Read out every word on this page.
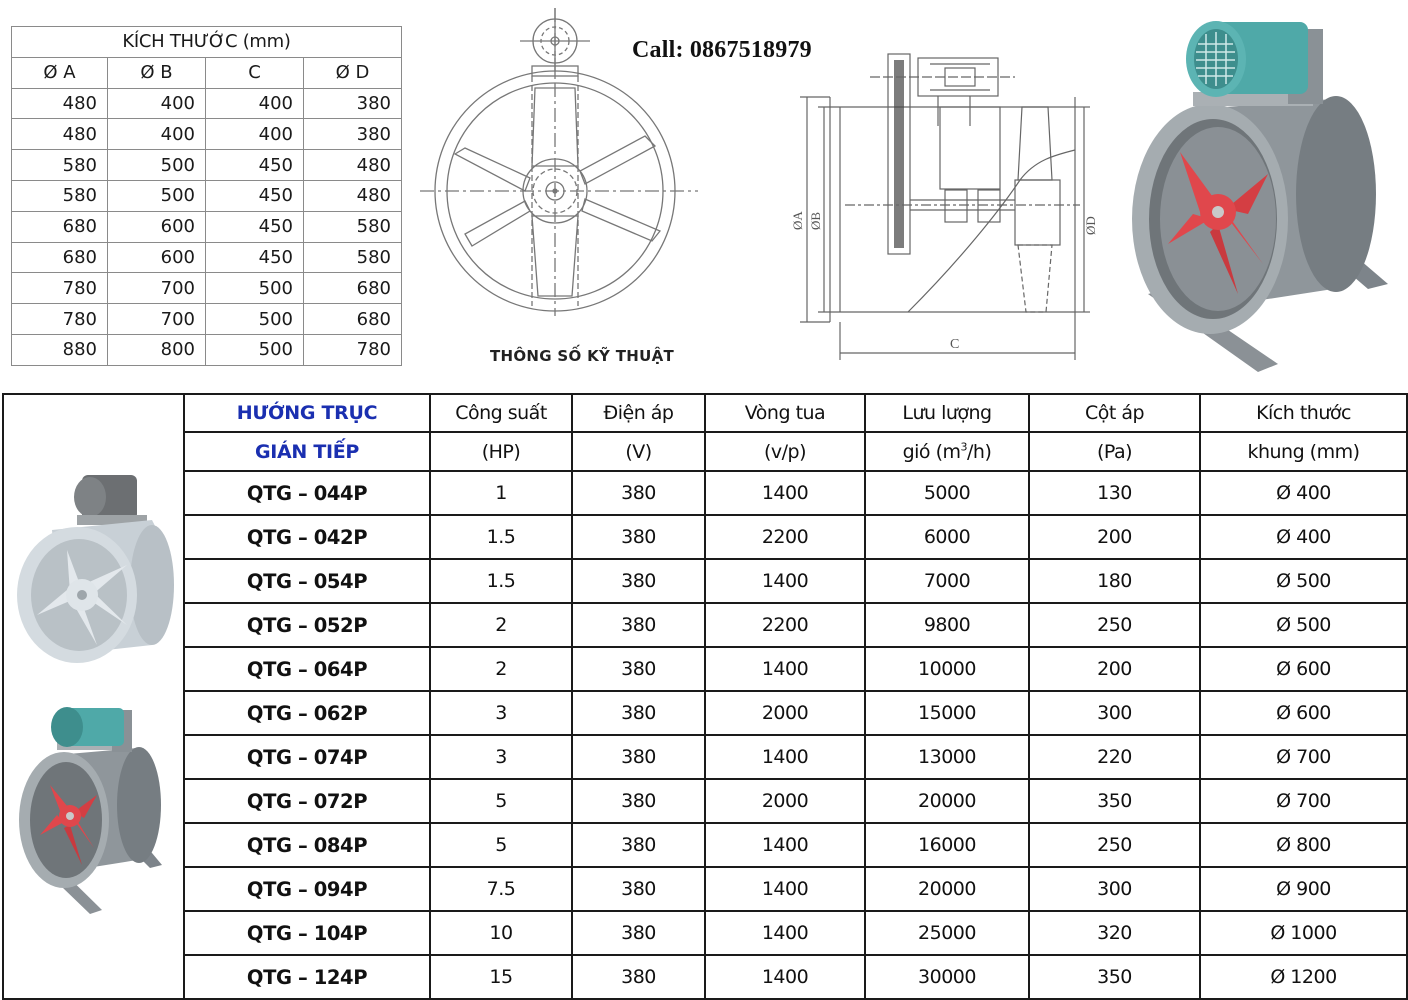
KÍCH THƯỚC (mm)			
Ø A	Ø B	C	Ø D
480	400	400	380
480	400	400	380
580	500	450	480
580	500	450	480
680	600	450	580
680	600	450	580
780	700	500	680
780	700	500	680
880	800	500	780
Call: 0867518979
THÔNG SỐ KỸ THUẬT
ØA ØB	ØD
C
	HƯỚNG TRỤC	Công suất	Điện áp	Vòng tua	Lưu lượng	Cột áp	Kích thước
	GIÁN TIẾP	(HP)	(V)	(v/p)	gió $(m^3/h)$	(Pa)	khung (mm)
	QTG – 044P	1	380	1400	5000	130	Ø 400
	QTG – 042P	1.5	380	2200	6000	200	Ø 400
	QTG – 054P	1.5	380	1400	7000	180	Ø 500
	QTG – 052P	2	380	2200	9800	250	Ø 500
	QTG – 064P	2	380	1400	10000	200	Ø 600
	QTG – 062P	3	380	2000	15000	300	Ø 600
	QTG – 074P	3	380	1400	13000	220	Ø 700
	QTG – 072P	5	380	2000	20000	350	Ø 700
	QTG – 084P	5	380	1400	16000	250	Ø 800
	QTG – 094P	7.5	380	1400	20000	300	Ø 900
	QTG – 104P	10	380	1400	25000	320	Ø 1000
	QTG – 124P	15	380	1400	30000	350	Ø 1200
